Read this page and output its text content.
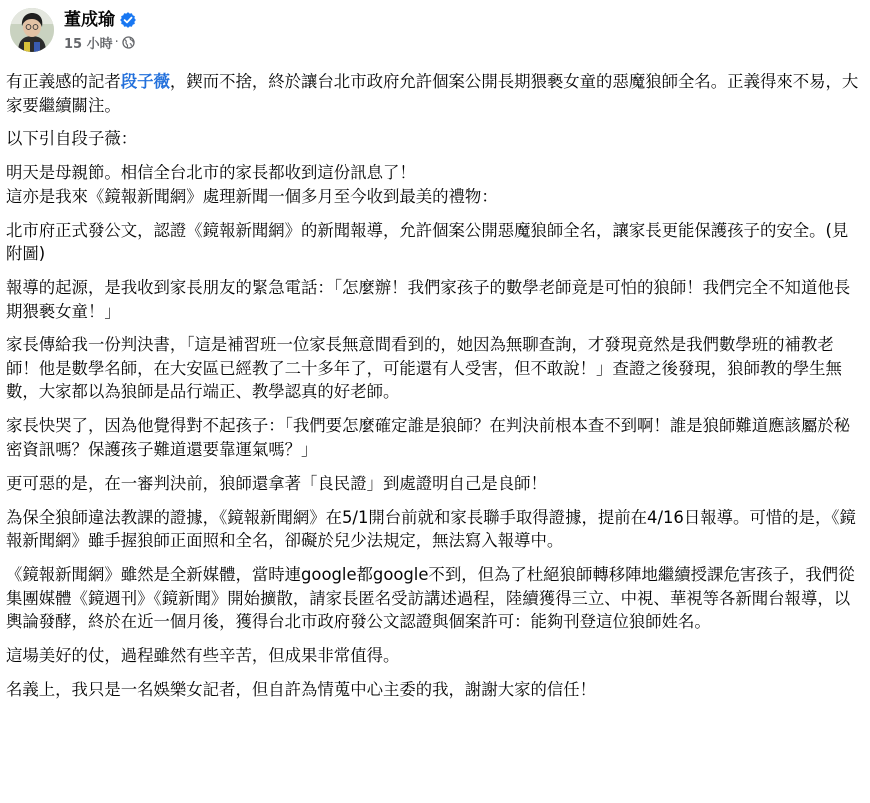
董成瑜
15 小時 ·
有正義感的記者段子薇，鍥而不捨，終於讓台北市政府允許個案公開長期猥褻女童的惡魔狼師全名。正義得來不易，大家要繼續關注。
以下引自段子薇：
明天是母親節。相信全台北市的家長都收到這份訊息了！
這亦是我來《鏡報新聞網》處理新聞一個多月至今收到最美的禮物：
北市府正式發公文，認證《鏡報新聞網》的新聞報導，允許個案公開惡魔狼師全名，讓家長更能保護孩子的安全。(見附圖)
報導的起源，是我收到家長朋友的緊急電話：「怎麼辦！我們家孩子的數學老師竟是可怕的狼師！我們完全不知道他長期猥褻女童！」
家長傳給我一份判決書，「這是補習班一位家長無意間看到的，她因為無聊查詢，才發現竟然是我們數學班的補教老師！他是數學名師，在大安區已經教了二十多年了，可能還有人受害，但不敢說！」查證之後發現，狼師教的學生無數，大家都以為狼師是品行端正、教學認真的好老師。
家長快哭了，因為他覺得對不起孩子：「我們要怎麼確定誰是狼師？在判決前根本查不到啊！誰是狼師難道應該屬於秘密資訊嗎？保護孩子難道還要靠運氣嗎？」
更可惡的是，在一審判決前，狼師還拿著「良民證」到處證明自己是良師！
為保全狼師違法教課的證據，《鏡報新聞網》在5/1開台前就和家長聯手取得證據，提前在4/16日報導。可惜的是，《鏡報新聞網》雖手握狼師正面照和全名，卻礙於兒少法規定，無法寫入報導中。
《鏡報新聞網》雖然是全新媒體，當時連google都google不到，但為了杜絕狼師轉移陣地繼續授課危害孩子，我們從集團媒體《鏡週刊》《鏡新聞》開始擴散，請家長匿名受訪講述過程，陸續獲得三立、中視、華視等各新聞台報導，以輿論發酵，終於在近一個月後，獲得台北市政府發公文認證與個案許可：能夠刊登這位狼師姓名。
這場美好的仗，過程雖然有些辛苦，但成果非常值得。
名義上，我只是一名娛樂女記者，但自許為情蒐中心主委的我，謝謝大家的信任！
